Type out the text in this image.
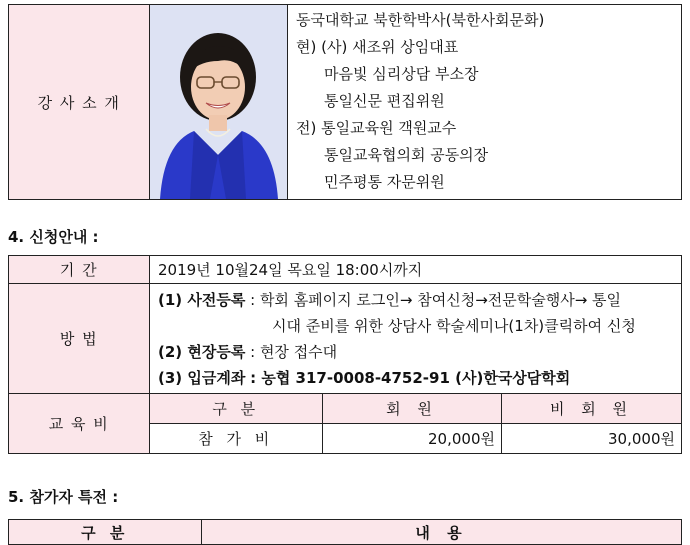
강 사 소 개	

동국대학교 북한학박사(북한사회문화)
현) (사) 새조위 상임대표
마음빛 심리상담 부소장
통일신문 편집위원
전) 통일교육원 객원교수
통일교육협의회 공동의장
민주평통 자문위원
4. 신청안내 :
기 간	2019년 10월24일 목요일 18:00시까지		
방 법	(1) 사전등록 : 학회 홈페이지 로그인→ 참여신청→전문학술행사→ 통일
시대 준비를 위한 상담사 학술세미나(1차)클릭하여 신청
(2) 현장등록 : 현장 접수대
(3) 입금계좌 : 농협 317-0008-4752-91 (사)한국상담학회		

교 육 비	구 분	회 원	비 회 원
	참 가 비	20,000원	30,000원
5. 참가자 특전 :
구 분	내 용
